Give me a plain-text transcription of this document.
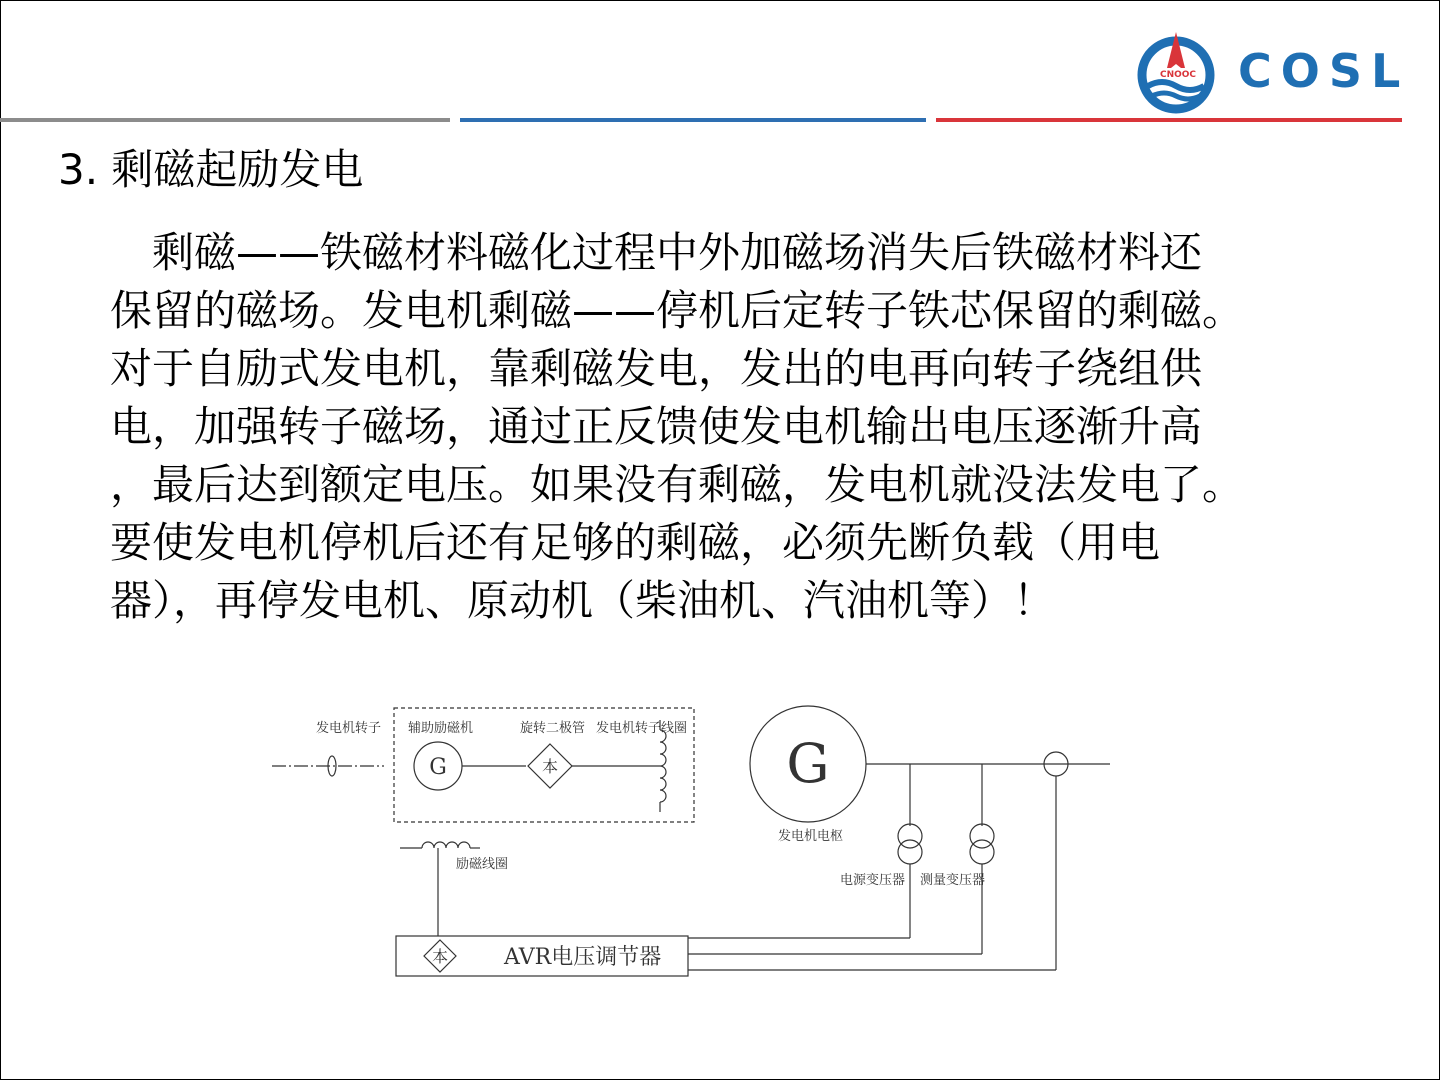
CNOOC COSL
3. 剩磁起励发电
　剩磁——铁磁材料磁化过程中外加磁场消失后铁磁材料还
保留的磁场。发电机剩磁——停机后定转子铁芯保留的剩磁。
对于自励式发电机，靠剩磁发电，发出的电再向转子绕组供
电，加强转子磁场，通过正反馈使发电机输出电压逐渐升高
，最后达到额定电压。如果没有剩磁，发电机就没法发电了。
要使发电机停机后还有足够的剩磁，必须先断负载（用电
器），再停发电机、原动机（柴油机、汽油机等）！
发电机转子 辅助励磁机	旋转二极管 发电机转子线圈
G	本	G
发电机电枢
励磁线圈
电源变压器 测量变压器
本	AVR电压调节器
